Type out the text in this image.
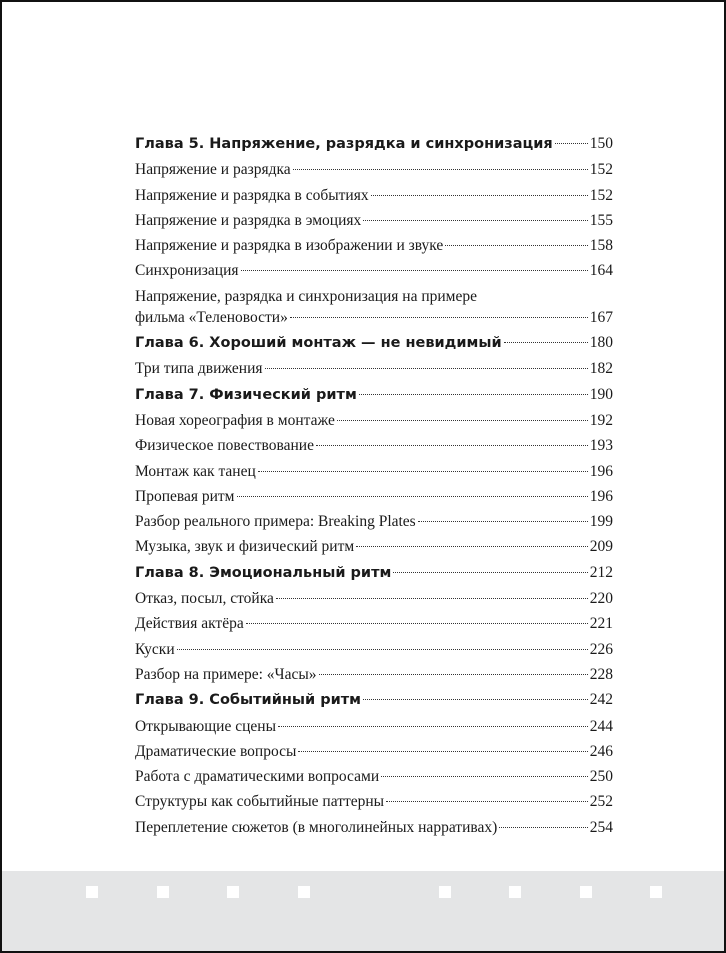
Глава 5. Напряжение, разрядка и синхронизация 150
Напряжение и разрядка	152
Напряжение и разрядка в событиях	152
Напряжение и разрядка в эмоциях	155
Напряжение и разрядка в изображении и звуке	158
Синхронизация	164
Напряжение, разрядка и синхронизация на примере
фильма «Теленовости»	167
Глава 6. Хороший монтаж — не невидимый	180
Три типа движения	182
Глава 7. Физический ритм	190
Новая хореография в монтаже	192
Физическое повествование	193
Монтаж как танец	196
Пропевая ритм	196
Разбор реального примера: Breaking Plates	199
Музыка, звук и физический ритм	209
Глава 8. Эмоциональный ритм	212
Отказ, посыл, стойка	220
Действия актёра	221
Куски	226
Разбор на примере: «Часы»	228
Глава 9. Событийный ритм	242
Открывающие сцены	244
Драматические вопросы	246
Работа с драматическими вопросами	250
Структуры как событийные паттерны	252
Переплетение сюжетов (в многолинейных нарративах)	254
